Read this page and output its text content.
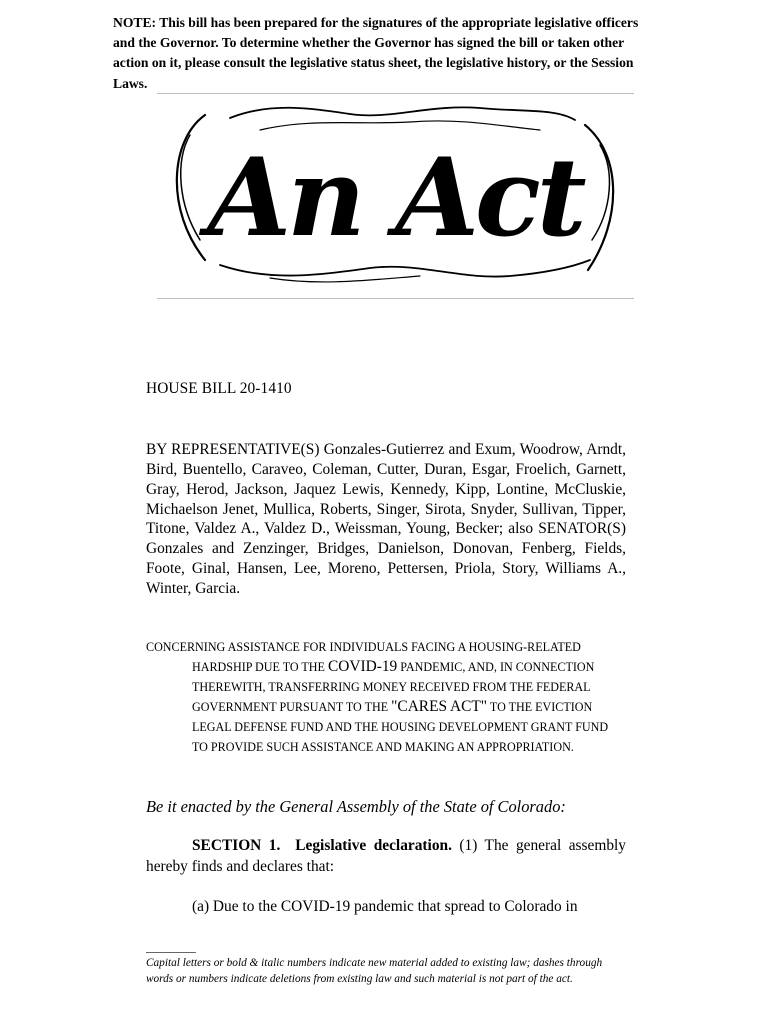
NOTE: This bill has been prepared for the signatures of the appropriate legislative officers and the Governor. To determine whether the Governor has signed the bill or taken other action on it, please consult the legislative status sheet, the legislative history, or the Session Laws.
An Act
HOUSE BILL 20-1410
BY REPRESENTATIVE(S) Gonzales-Gutierrez and Exum, Woodrow, Arndt, Bird, Buentello, Caraveo, Coleman, Cutter, Duran, Esgar, Froelich, Garnett, Gray, Herod, Jackson, Jaquez Lewis, Kennedy, Kipp, Lontine, McCluskie, Michaelson Jenet, Mullica, Roberts, Singer, Sirota, Snyder, Sullivan, Tipper, Titone, Valdez A., Valdez D., Weissman, Young, Becker; also SENATOR(S) Gonzales and Zenzinger, Bridges, Danielson, Donovan, Fenberg, Fields, Foote, Ginal, Hansen, Lee, Moreno, Pettersen, Priola, Story, Williams A., Winter, Garcia.
CONCERNING ASSISTANCE FOR INDIVIDUALS FACING A HOUSING-RELATED HARDSHIP DUE TO THE COVID-19 PANDEMIC, AND, IN CONNECTION THEREWITH, TRANSFERRING MONEY RECEIVED FROM THE FEDERAL GOVERNMENT PURSUANT TO THE "CARES ACT" TO THE EVICTION LEGAL DEFENSE FUND AND THE HOUSING DEVELOPMENT GRANT FUND TO PROVIDE SUCH ASSISTANCE AND MAKING AN APPROPRIATION.
Be it enacted by the General Assembly of the State of Colorado:
SECTION 1. Legislative declaration. (1) The general assembly hereby finds and declares that:
(a) Due to the COVID-19 pandemic that spread to Colorado in
Capital letters or bold & italic numbers indicate new material added to existing law; dashes through words or numbers indicate deletions from existing law and such material is not part of the act.
